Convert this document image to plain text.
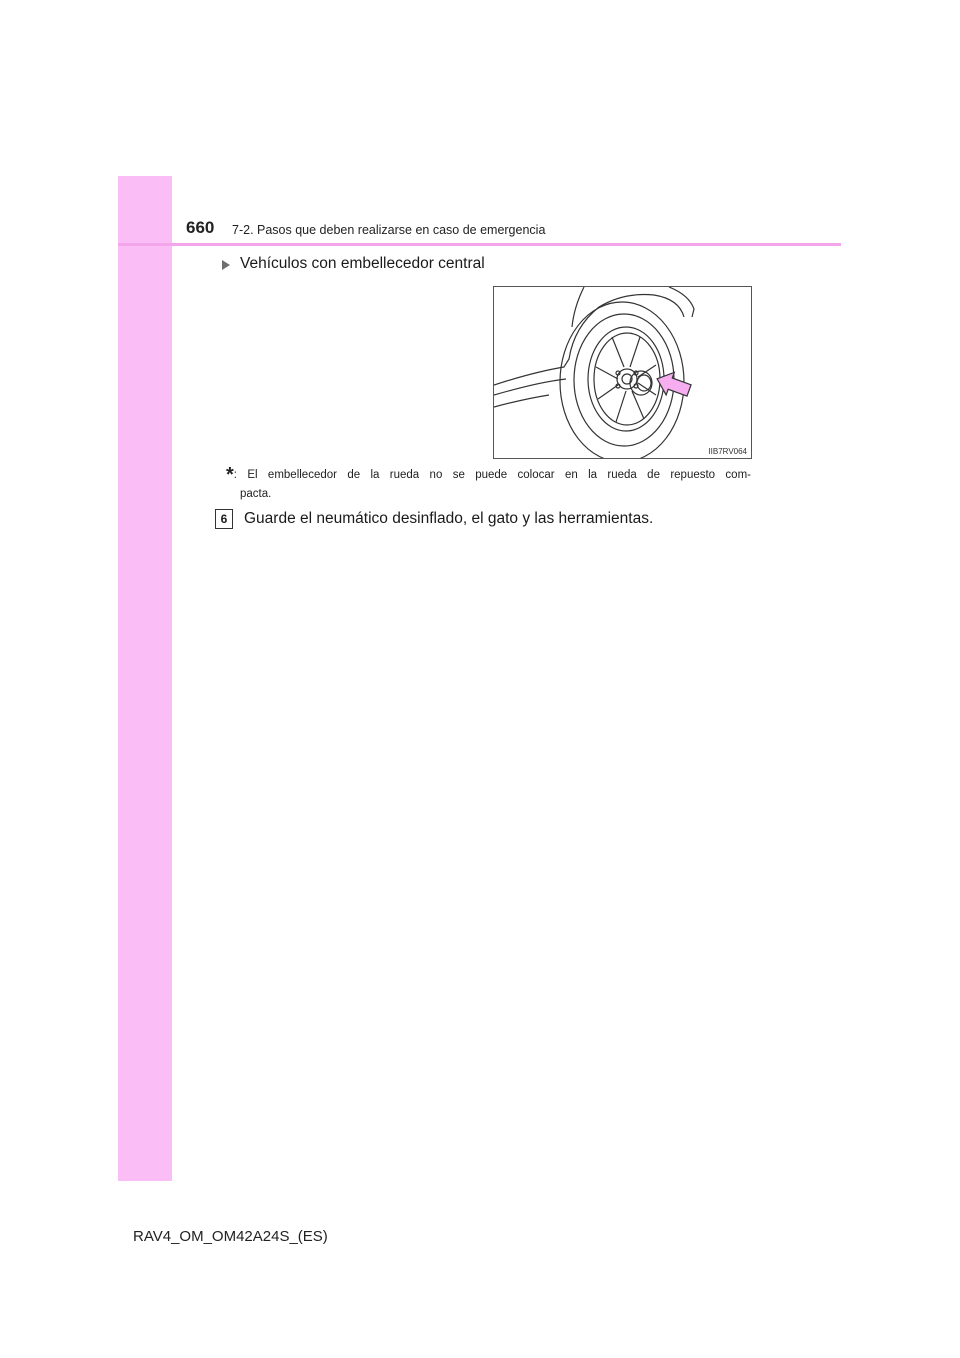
660 7-2. Pasos que deben realizarse en caso de emergencia
Vehículos con embellecedor central
IIB7RV064
*: El embellecedor de la rueda no se puede colocar en la rueda de repuesto com-
pacta.
6	Guarde el neumático desinflado, el gato y las herramientas.
RAV4_OM_OM42A24S_(ES)
